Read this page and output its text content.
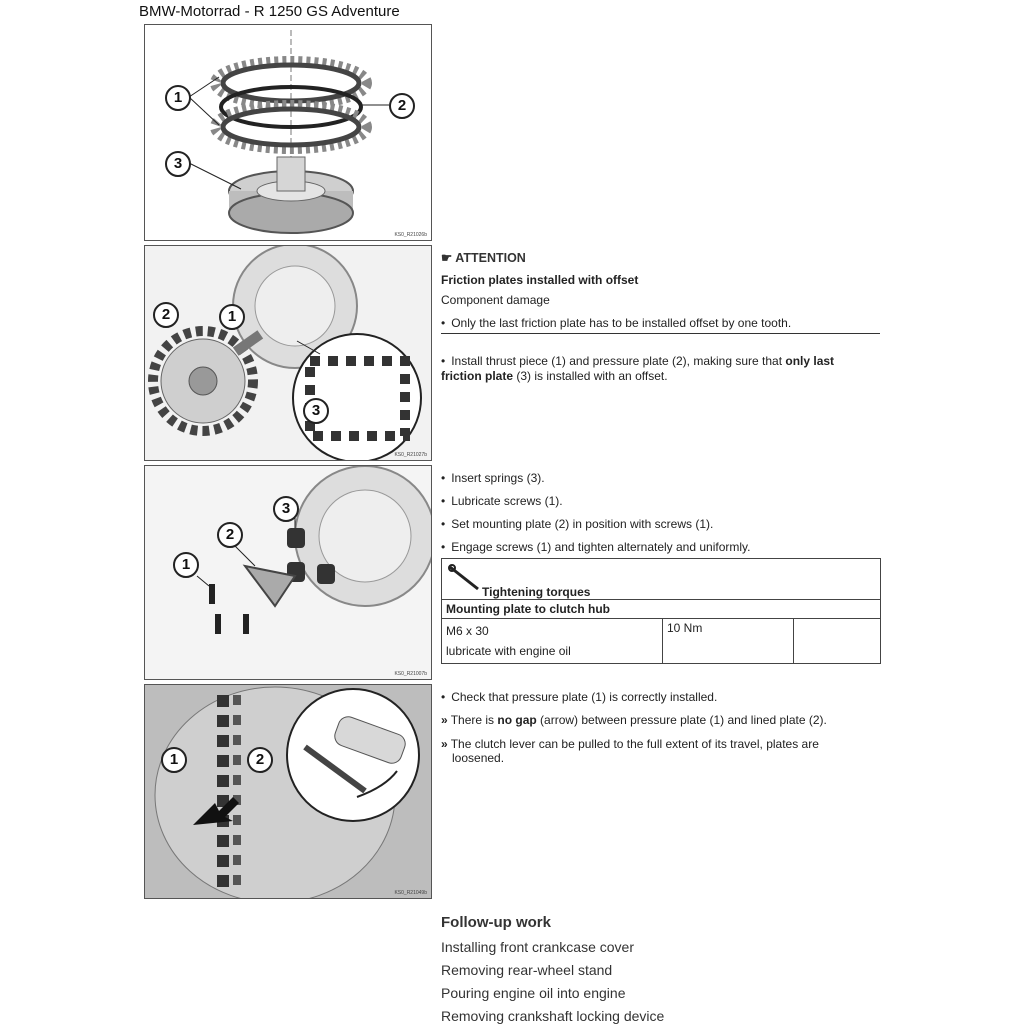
BMW-Motorrad - R 1250 GS Adventure
1	2
3
KS0_R21026b
2	1
3
KS0_R21027b
2
3
1
KS0_R21007b
1	2
KS0_R21049b
☛ ATTENTION
Friction plates installed with offset
Component damage
• Only the last friction plate has to be installed offset by one tooth.
• Install thrust piece (1) and pressure plate (2), making sure that only last friction plate (3) is installed with an offset.
• Insert springs (3).
• Lubricate screws (1).
• Set mounting plate (2) in position with screws (1).
• Engage screws (1) and tighten alternately and uniformly.
Tightening torques

Mounting plate to clutch hub

M6 x 30
lubricate with engine oil
	10 Nm	
• Check that pressure plate (1) is correctly installed.
» There is no gap (arrow) between pressure plate (1) and lined plate (2).
» The clutch lever can be pulled to the full extent of its travel, plates are
loosened.
Follow-up work
Installing front crankcase cover
Removing rear-wheel stand
Pouring engine oil into engine
Removing crankshaft locking device
